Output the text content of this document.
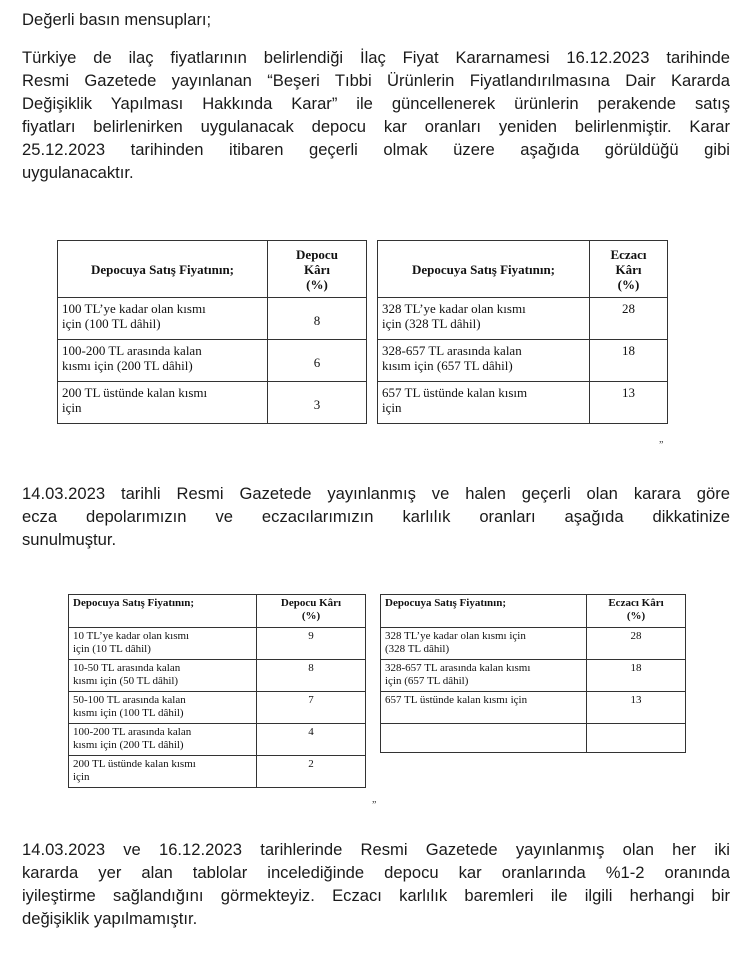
Değerli basın mensupları;

Türkiye de ilaç fiyatlarının belirlendiği İlaç Fiyat Kararnamesi 16.12.2023 tarihinde
Resmi Gazetede yayınlanan “Beşeri Tıbbi Ürünlerin Fiyatlandırılmasına Dair Kararda
Değişiklik Yapılması Hakkında Karar” ile güncellenerek ürünlerin perakende satış
fiyatları belirlenirken uygulanacak depocu kar oranları yeniden belirlenmiştir. Karar
25.12.2023 tarihinden itibaren geçerli olmak üzere aşağıda görüldüğü gibi
uygulanacaktır.

14.03.2023 tarihli Resmi Gazetede yayınlanmış ve halen geçerli olan karara göre
ecza depolarımızın ve eczacılarımızın karlılık oranları aşağıda dikkatinize
sunulmuştur.

14.03.2023 ve 16.12.2023 tarihlerinde Resmi Gazetede yayınlanmış olan her iki
kararda yer alan tablolar incelediğinde depocu kar oranlarında %1-2 oranında
iyileştirme sağlandığını görmekteyiz. Eczacı karlılık baremleri ile ilgili herhangi bir
değişiklik yapılmamıştır.

Depocuya Satış Fiyatının;	Depocu
Kârı
(%)
100 TL’ye kadar olan kısmı
için (100 TL dâhil)	8
100-200 TL arasında kalan
kısmı için (200 TL dâhil)	6
200 TL üstünde kalan kısmı
için	3
Depocuya Satış Fiyatının;	Eczacı
Kârı
(%)
328 TL’ye kadar olan kısmı
için (328 TL dâhil)	28
328-657 TL arasında kalan
kısım için (657 TL dâhil)	18
657 TL üstünde kalan kısım
için	13
”
Depocuya Satış Fiyatının;	Depocu Kârı
(%)
10 TL’ye kadar olan kısmı
için (10 TL dâhil)	9
10-50 TL arasında kalan
kısmı için (50 TL dâhil)	8
50-100 TL arasında kalan
kısmı için (100 TL dâhil)	7
100-200 TL arasında kalan
kısmı için (200 TL dâhil)	4
200 TL üstünde kalan kısmı
için	2
Depocuya Satış Fiyatının;	Eczacı Kârı
(%)
328 TL’ye kadar olan kısmı için
(328 TL dâhil)	28
328-657 TL arasında kalan kısmı
için (657 TL dâhil)	18
657 TL üstünde kalan kısmı için	13

”
